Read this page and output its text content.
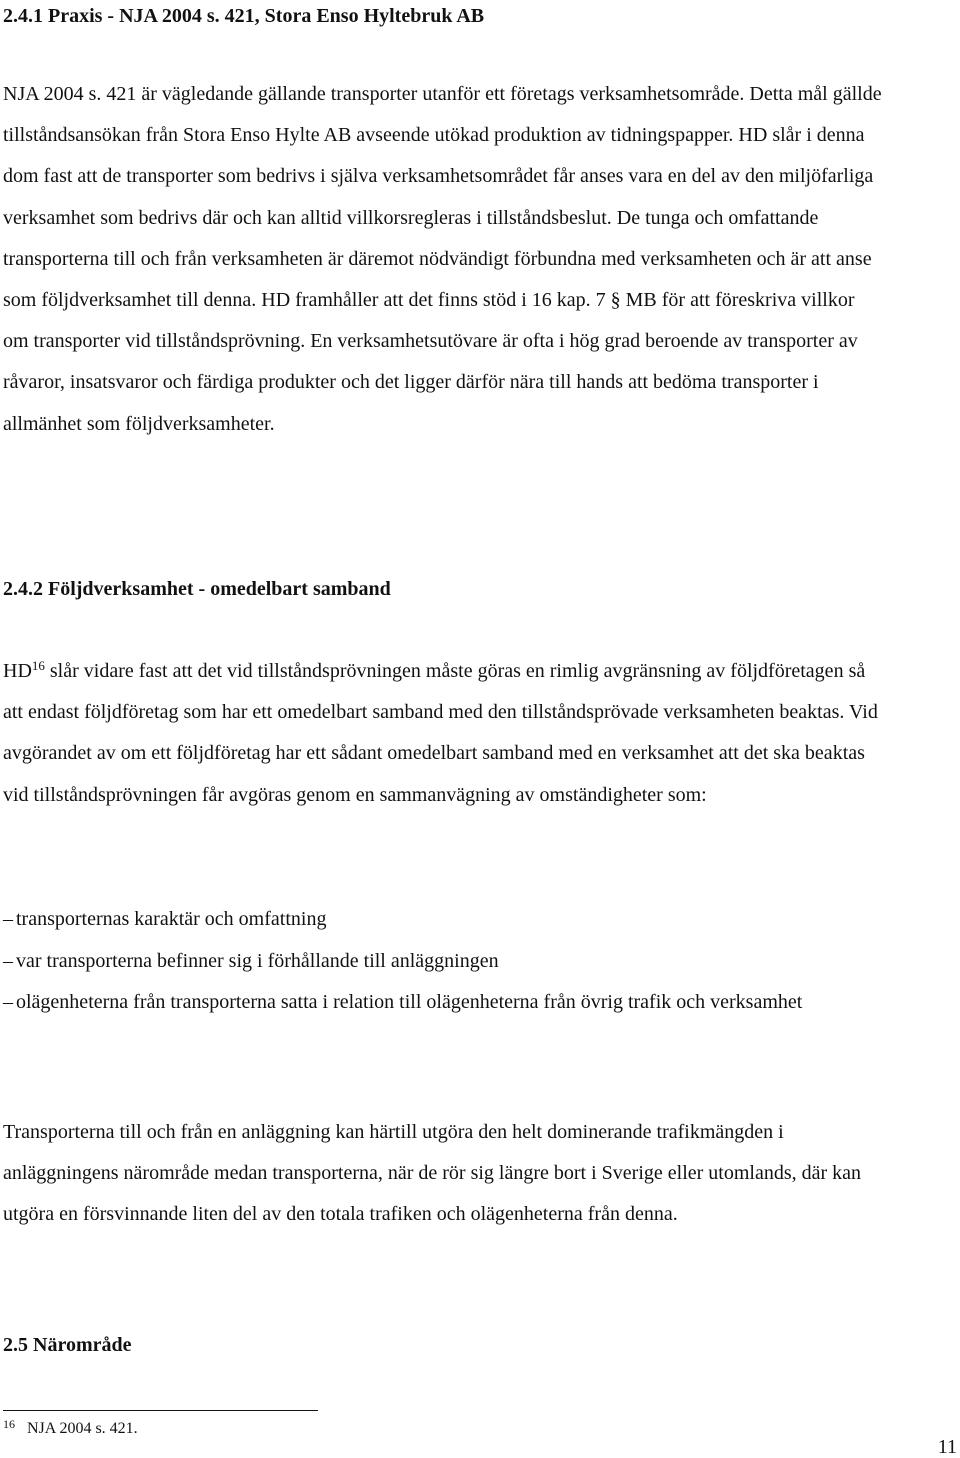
2.4.1 Praxis - NJA 2004 s. 421, Stora Enso Hyltebruk AB

NJA 2004 s. 421 är vägledande gällande transporter utanför ett företags verksamhetsområde. Detta mål gällde tillståndsansökan från Stora Enso Hylte AB avseende utökad produktion av tidningspapper. HD slår i denna dom fast att de transporter som bedrivs i själva verksamhetsområdet får anses vara en del av den miljöfarliga verksamhet som bedrivs där och kan alltid villkorsregleras i tillståndsbeslut. De tunga och omfattande transporterna till och från verksamheten är däremot nödvändigt förbundna med verksamheten och är att anse som följdverksamhet till denna. HD framhåller att det finns stöd i 16 kap. 7 § MB för att föreskriva villkor om transporter vid tillståndsprövning. En verksamhetsutövare är ofta i hög grad beroende av transporter av råvaror, insatsvaror och färdiga produkter och det ligger därför nära till hands att bedöma transporter i allmänhet som följdverksamheter.

2.4.2 Följdverksamhet - omedelbart samband

HD$^{16}$ slår vidare fast att det vid tillståndsprövningen måste göras en rimlig avgränsning av följdföretagen så att endast följdföretag som har ett omedelbart samband med den tillståndsprövade verksamheten beaktas. Vid avgörandet av om ett följdföretag har ett sådant omedelbart samband med en verksamhet att det ska beaktas vid tillståndsprövningen får avgöras genom en sammanvägning av omständigheter som:

– transporternas karaktär och omfattning
– var transporterna befinner sig i förhållande till anläggningen
– olägenheterna från transporterna satta i relation till olägenheterna från övrig trafik och verksamhet

Transporterna till och från en anläggning kan härtill utgöra den helt dominerande trafikmängden i anläggningens närområde medan transporterna, när de rör sig längre bort i Sverige eller utomlands, där kan utgöra en försvinnande liten del av den totala trafiken och olägenheterna från denna.

2.5 Närområde
$^{16}$ NJA 2004 s. 421.
11
